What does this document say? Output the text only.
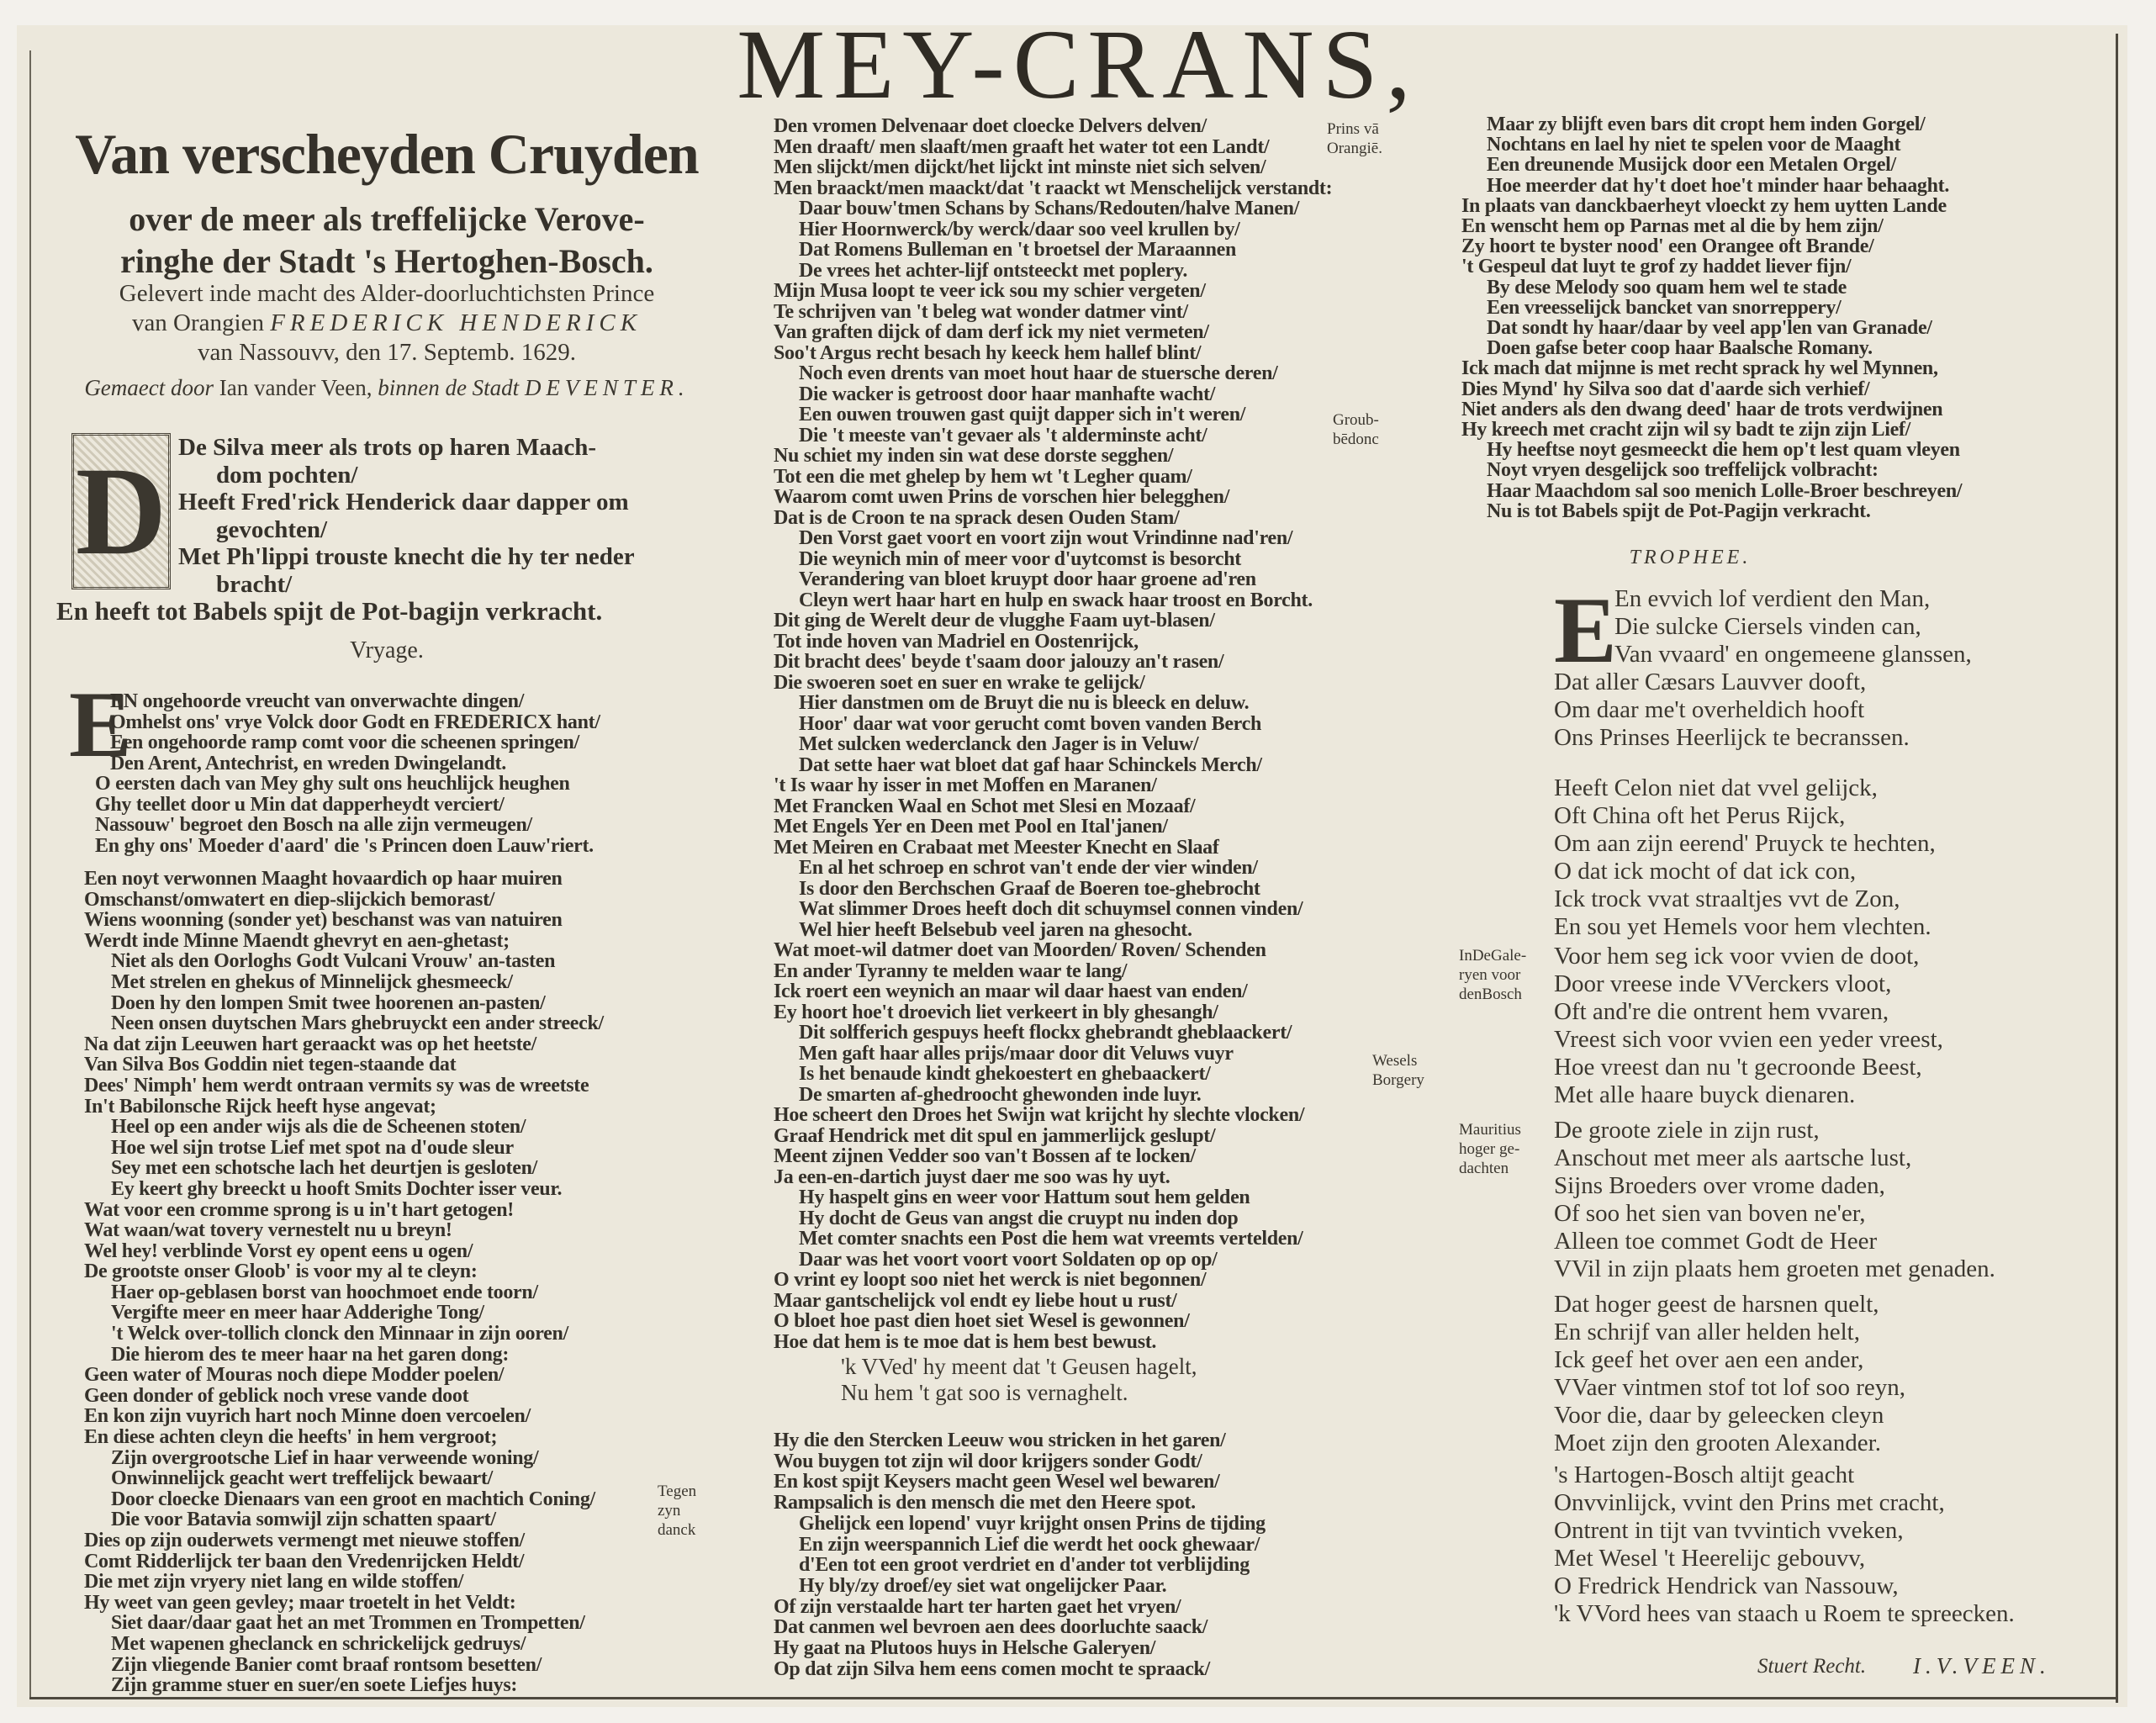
MEY-CRANS,
Van verscheyden Cruyden
over de meer als treffelijcke Verove-
ringhe der Stadt 's Hertoghen-Bosch.
Gelevert inde macht des Alder-doorluchtichsten Prince
van Orangien FREDERICK HENDERICK
van Nassouvv, den 17. Septemb. 1629.
Gemaect door Ian vander Veen, binnen de Stadt DEVENTER.
D De Silva meer als trots op haren Maach-
dom pochten/
Heeft Fred'rick Henderick daar dapper om
gevochten/
Met Ph'lippi trouste knecht die hy ter neder
bracht/
En heeft tot Babels spijt de Pot-bagijn verkracht.
Vryage.
E
EN ongehoorde vreucht van onverwachte dingen/
Omhelst ons' vrye Volck door Godt en FREDERICX hant/
Een ongehoorde ramp comt voor die scheenen springen/
Den Arent, Antechrist, en wreden Dwingelandt.
O eersten dach van Mey ghy sult ons heuchlijck heughen
Ghy teellet door u Min dat dapperheydt verciert/
Nassouw' begroet den Bosch na alle zijn vermeugen/
En ghy ons' Moeder d'aard' die 's Princen doen Lauw'riert.
Een noyt verwonnen Maaght hovaardich op haar muiren
Omschanst/omwatert en diep-slijckich bemorast/
Wiens woonning (sonder yet) beschanst was van natuiren
Werdt inde Minne Maendt ghevryt en aen-ghetast;
Niet als den Oorloghs Godt Vulcani Vrouw' an-tasten
Met strelen en ghekus of Minnelijck ghesmeeck/
Doen hy den lompen Smit twee hoorenen an-pasten/
Neen onsen duytschen Mars ghebruyckt een ander streeck/
Na dat zijn Leeuwen hart geraackt was op het heetste/
Van Silva Bos Goddin niet tegen-staande dat
Dees' Nimph' hem werdt ontraan vermits sy was de wreetste
In't Babilonsche Rijck heeft hyse angevat;
Heel op een ander wijs als die de Scheenen stoten/
Hoe wel sijn trotse Lief met spot na d'oude sleur
Sey met een schotsche lach het deurtjen is gesloten/
Ey keert ghy breeckt u hooft Smits Dochter isser veur.
Wat voor een cromme sprong is u in't hart getogen!
Wat waan/wat tovery vernestelt nu u breyn!
Wel hey! verblinde Vorst ey opent eens u ogen/
De grootste onser Gloob' is voor my al te cleyn:
Haer op-geblasen borst van hoochmoet ende toorn/
Vergifte meer en meer haar Adderighe Tong/
't Welck over-tollich clonck den Minnaar in zijn ooren/
Die hierom des te meer haar na het garen dong:
Geen water of Mouras noch diepe Modder poelen/
Geen donder of geblick noch vrese vande doot
En kon zijn vuyrich hart noch Minne doen vercoelen/
En diese achten cleyn die heefts' in hem vergroot;
Zijn overgrootsche Lief in haar verweende woning/
Onwinnelijck geacht wert treffelijck bewaart/
Door cloecke Dienaars van een groot en machtich Coning/
Die voor Batavia somwijl zijn schatten spaart/
Dies op zijn ouderwets vermengt met nieuwe stoffen/
Comt Ridderlijck ter baan den Vredenrijcken Heldt/
Die met zijn vryery niet lang en wilde stoffen/
Hy weet van geen gevley; maar troetelt in het Veldt:
Siet daar/daar gaat het an met Trommen en Trompetten/
Met wapenen gheclanck en schrickelijck gedruys/
Zijn vliegende Banier comt braaf rontsom besetten/
Zijn gramme stuer en suer/en soete Liefjes huys:
Tegen
zyn
danck
Den vromen Delvenaar doet cloecke Delvers delven/
Men draaft/ men slaaft/men graaft het water tot een Landt/
Men slijckt/men dijckt/het lijckt int minste niet sich selven/
Men braackt/men maackt/dat 't raackt wt Menschelijck verstandt:
Daar bouw'tmen Schans by Schans/Redouten/halve Manen/
Hier Hoornwerck/by werck/daar soo veel krullen by/
Dat Romens Bulleman en 't broetsel der Maraannen
De vrees het achter-lijf ontsteeckt met poplery.
Mijn Musa loopt te veer ick sou my schier vergeten/
Te schrijven van 't beleg wat wonder datmer vint/
Van graften dijck of dam derf ick my niet vermeten/
Soo't Argus recht besach hy keeck hem hallef blint/
Noch even drents van moet hout haar de stuersche deren/
Die wacker is getroost door haar manhafte wacht/
Een ouwen trouwen gast quijt dapper sich in't weren/
Die 't meeste van't gevaer als 't alderminste acht/
Nu schiet my inden sin wat dese dorste segghen/
Tot een die met ghelep by hem wt 't Legher quam/
Waarom comt uwen Prins de vorschen hier belegghen/
Dat is de Croon te na sprack desen Ouden Stam/
Den Vorst gaet voort en voort zijn wout Vrindinne nad'ren/
Die weynich min of meer voor d'uytcomst is besorcht
Verandering van bloet kruypt door haar groene ad'ren
Cleyn wert haar hart en hulp en swack haar troost en Borcht.
Dit ging de Werelt deur de vlugghe Faam uyt-blasen/
Tot inde hoven van Madriel en Oostenrijck,
Dit bracht dees' beyde t'saam door jalouzy an't rasen/
Die swoeren soet en suer en wrake te gelijck/
Hier danstmen om de Bruyt die nu is bleeck en deluw.
Hoor' daar wat voor gerucht comt boven vanden Berch
Met sulcken wederclanck den Jager is in Veluw/
Dat sette haer wat bloet dat gaf haar Schinckels Merch/
't Is waar hy isser in met Moffen en Maranen/
Met Francken Waal en Schot met Slesi en Mozaaf/
Met Engels Yer en Deen met Pool en Ital'janen/
Met Meiren en Crabaat met Meester Knecht en Slaaf
En al het schroep en schrot van't ende der vier winden/
Is door den Berchschen Graaf de Boeren toe-ghebrocht
Wat slimmer Droes heeft doch dit schuymsel connen vinden/
Wel hier heeft Belsebub veel jaren na ghesocht.
Wat moet-wil datmer doet van Moorden/ Roven/ Schenden
En ander Tyranny te melden waar te lang/
Ick roert een weynich an maar wil daar haest van enden/
Ey hoort hoe't droevich liet verkeert in bly ghesangh/
Dit solfferich gespuys heeft flockx ghebrandt gheblaackert/
Men gaft haar alles prijs/maar door dit Veluws vuyr
Is het benaude kindt ghekoestert en ghebaackert/
De smarten af-ghedroocht ghewonden inde luyr.
Hoe scheert den Droes het Swijn wat krijcht hy slechte vlocken/
Graaf Hendrick met dit spul en jammerlijck geslupt/
Meent zijnen Vedder soo van't Bossen af te locken/
Ja een-en-dartich juyst daer me soo was hy uyt.
Hy haspelt gins en weer voor Hattum sout hem gelden
Hy docht de Geus van angst die cruypt nu inden dop
Met comter snachts een Post die hem wat vreemts vertelden/
Daar was het voort voort voort Soldaten op op op/
O vrint ey loopt soo niet het werck is niet begonnen/
Maar gantschelijck vol endt ey liebe hout u rust/
O bloet hoe past dien hoet siet Wesel is gewonnen/
Hoe dat hem is te moe dat is hem best bewust.
Prins vā
Orangiē.
Groub-
bēdonc
Wesels
Borgery
'k VVed' hy meent dat 't Geusen hagelt,
Nu hem 't gat soo is vernaghelt.
Hy die den Stercken Leeuw wou stricken in het garen/
Wou buygen tot zijn wil door krijgers sonder Godt/
En kost spijt Keysers macht geen Wesel wel bewaren/
Rampsalich is den mensch die met den Heere spot.
Ghelijck een lopend' vuyr krijght onsen Prins de tijding
En zijn weerspannich Lief die werdt het oock ghewaar/
d'Een tot een groot verdriet en d'ander tot verblijding
Hy bly/zy droef/ey siet wat ongelijcker Paar.
Of zijn verstaalde hart ter harten gaet het vryen/
Dat canmen wel bevroen aen dees doorluchte saack/
Hy gaat na Plutoos huys in Helsche Galeryen/
Op dat zijn Silva hem eens comen mocht te spraack/
Maar zy blijft even bars dit cropt hem inden Gorgel/
Nochtans en lael hy niet te spelen voor de Maaght
Een dreunende Musijck door een Metalen Orgel/
Hoe meerder dat hy't doet hoe't minder haar behaaght.
In plaats van danckbaerheyt vloeckt zy hem uytten Lande
En wenscht hem op Parnas met al die by hem zijn/
Zy hoort te byster nood' een Orangee oft Brande/
't Gespeul dat luyt te grof zy haddet liever fijn/
By dese Melody soo quam hem wel te stade
Een vreesselijck bancket van snorreppery/
Dat sondt hy haar/daar by veel app'len van Granade/
Doen gafse beter coop haar Baalsche Romany.
Ick mach dat mijnne is met recht sprack hy wel Mynnen,
Dies Mynd' hy Silva soo dat d'aarde sich verhief/
Niet anders als den dwang deed' haar de trots verdwijnen
Hy kreech met cracht zijn wil sy badt te zijn zijn Lief/
Hy heeftse noyt gesmeeckt die hem op't lest quam vleyen
Noyt vryen desgelijck soo treffelijck volbracht:
Haar Maachdom sal soo menich Lolle-Broer beschreyen/
Nu is tot Babels spijt de Pot-Pagijn verkracht.
TROPHEE.
E
En evvich lof verdient den Man,
Die sulcke Ciersels vinden can,
Van vvaard' en ongemeene glanssen,
Dat aller Cæsars Lauvver dooft,
Om daar me't overheldich hooft
Ons Prinses Heerlijck te becranssen.
Heeft Celon niet dat vvel gelijck,
Oft China oft het Perus Rijck,
Om aan zijn eerend' Pruyck te hechten,
O dat ick mocht of dat ick con,
Ick trock vvat straaltjes vvt de Zon,
En sou yet Hemels voor hem vlechten.
Voor hem seg ick voor vvien de doot,
Door vreese inde VVerckers vloot,
Oft and're die ontrent hem vvaren,
Vreest sich voor vvien een yeder vreest,
Hoe vreest dan nu 't gecroonde Beest,
Met alle haare buyck dienaren.
De groote ziele in zijn rust,
Anschout met meer als aartsche lust,
Sijns Broeders over vrome daden,
Of soo het sien van boven ne'er,
Alleen toe commet Godt de Heer
VVil in zijn plaats hem groeten met genaden.
Dat hoger geest de harsnen quelt,
En schrijf van aller helden helt,
Ick geef het over aen een ander,
VVaer vintmen stof tot lof soo reyn,
Voor die, daar by geleecken cleyn
Moet zijn den grooten Alexander.
's Hartogen-Bosch altijt geacht
Onvvinlijck, vvint den Prins met cracht,
Ontrent in tijt van tvvintich vveken,
Met Wesel 't Heerelijc gebouvv,
O Fredrick Hendrick van Nassouw,
'k VVord hees van staach u Roem te spreecken.
InDeGale-
ryen voor
denBosch
Mauritius
hoger ge-
dachten
Stuert Recht. I.V.VEEN.
